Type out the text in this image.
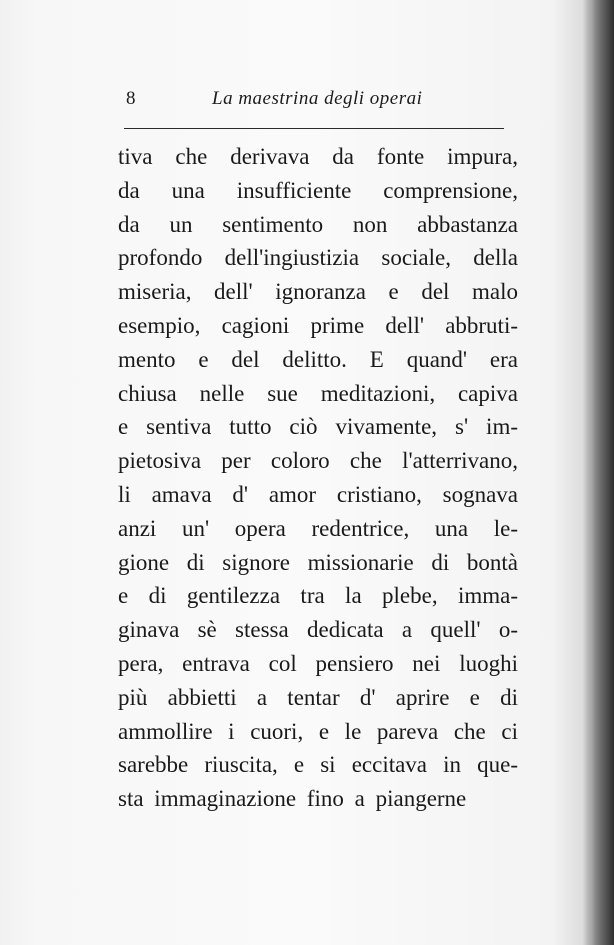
8	La maestrina degli operai
tiva che derivava da fonte impura,
da una insufficiente comprensione,
da un sentimento non abbastanza
profondo dell'ingiustizia sociale, della
miseria, dell' ignoranza e del malo
esempio, cagioni prime dell' abbruti-
mento e del delitto. E quand' era
chiusa nelle sue meditazioni, capiva
e sentiva tutto ciò vivamente, s' im-
pietosiva per coloro che l'atterrivano,
li amava d' amor cristiano, sognava
anzi un' opera redentrice, una le-
gione di signore missionarie di bontà
e di gentilezza tra la plebe, imma-
ginava sè stessa dedicata a quell' o-
pera, entrava col pensiero nei luoghi
più abbietti a tentar d' aprire e di
ammollire i cuori, e le pareva che ci
sarebbe riuscita, e si eccitava in que-
sta immaginazione fino a piangerne
